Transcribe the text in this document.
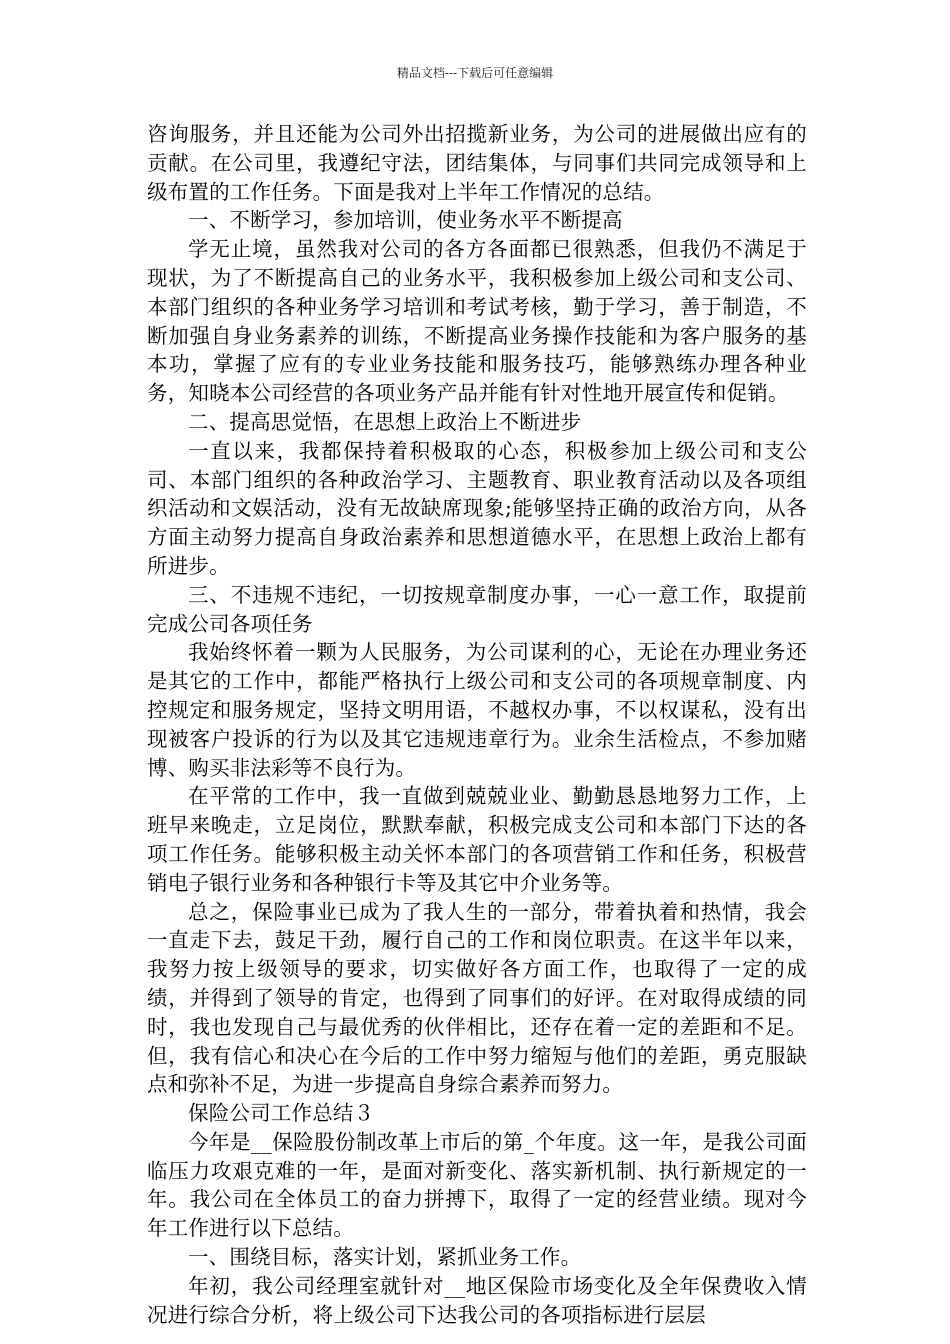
精品文档---下载后可任意编辑

咨询服务，并且还能为公司外出招揽新业务，为公司的进展做出应有的贡献。在公司里，我遵纪守法，团结集体，与同事们共同完成领导和上级布置的工作任务。下面是我对上半年工作情况的总结。

一、不断学习，参加培训，使业务水平不断提高

学无止境，虽然我对公司的各方各面都已很熟悉，但我仍不满足于现状，为了不断提高自己的业务水平，我积极参加上级公司和支公司、本部门组织的各种业务学习培训和考试考核，勤于学习，善于制造，不断加强自身业务素养的训练，不断提高业务操作技能和为客户服务的基本功，掌握了应有的专业业务技能和服务技巧，能够熟练办理各种业务，知晓本公司经营的各项业务产品并能有针对性地开展宣传和促销。

二、提高思觉悟，在思想上政治上不断进步

一直以来，我都保持着积极取的心态，积极参加上级公司和支公司、本部门组织的各种政治学习、主题教育、职业教育活动以及各项组织活动和文娱活动，没有无故缺席现象;能够坚持正确的政治方向，从各方面主动努力提高自身政治素养和思想道德水平，在思想上政治上都有所进步。

三、不违规不违纪，一切按规章制度办事，一心一意工作，取提前完成公司各项任务

我始终怀着一颗为人民服务，为公司谋利的心，无论在办理业务还是其它的工作中，都能严格执行上级公司和支公司的各项规章制度、内控规定和服务规定，坚持文明用语，不越权办事，不以权谋私，没有出现被客户投诉的行为以及其它违规违章行为。业余生活检点，不参加赌博、购买非法彩等不良行为。

在平常的工作中，我一直做到兢兢业业、勤勤恳恳地努力工作，上班早来晚走，立足岗位，默默奉献，积极完成支公司和本部门下达的各项工作任务。能够积极主动关怀本部门的各项营销工作和任务，积极营销电子银行业务和各种银行卡等及其它中介业务等。

总之，保险事业已成为了我人生的一部分，带着执着和热情，我会一直走下去，鼓足干劲，履行自己的工作和岗位职责。在这半年以来，我努力按上级领导的要求，切实做好各方面工作，也取得了一定的成绩，并得到了领导的肯定，也得到了同事们的好评。在对取得成绩的同时，我也发现自己与最优秀的伙伴相比，还存在着一定的差距和不足。但，我有信心和决心在今后的工作中努力缩短与他们的差距，勇克服缺点和弥补不足，为进一步提高自身综合素养而努力。

保险公司工作总结３

今年是__保险股份制改革上市后的第_个年度。这一年，是我公司面临压力攻艰克难的一年，是面对新变化、落实新机制、执行新规定的一年。我公司在全体员工的奋力拼搏下，取得了一定的经营业绩。现对今年工作进行以下总结。

一、围绕目标，落实计划，紧抓业务工作。

年初，我公司经理室就针对__地区保险市场变化及全年保费收入情况进行综合分析，将上级公司下达我公司的各项指标进行层层
